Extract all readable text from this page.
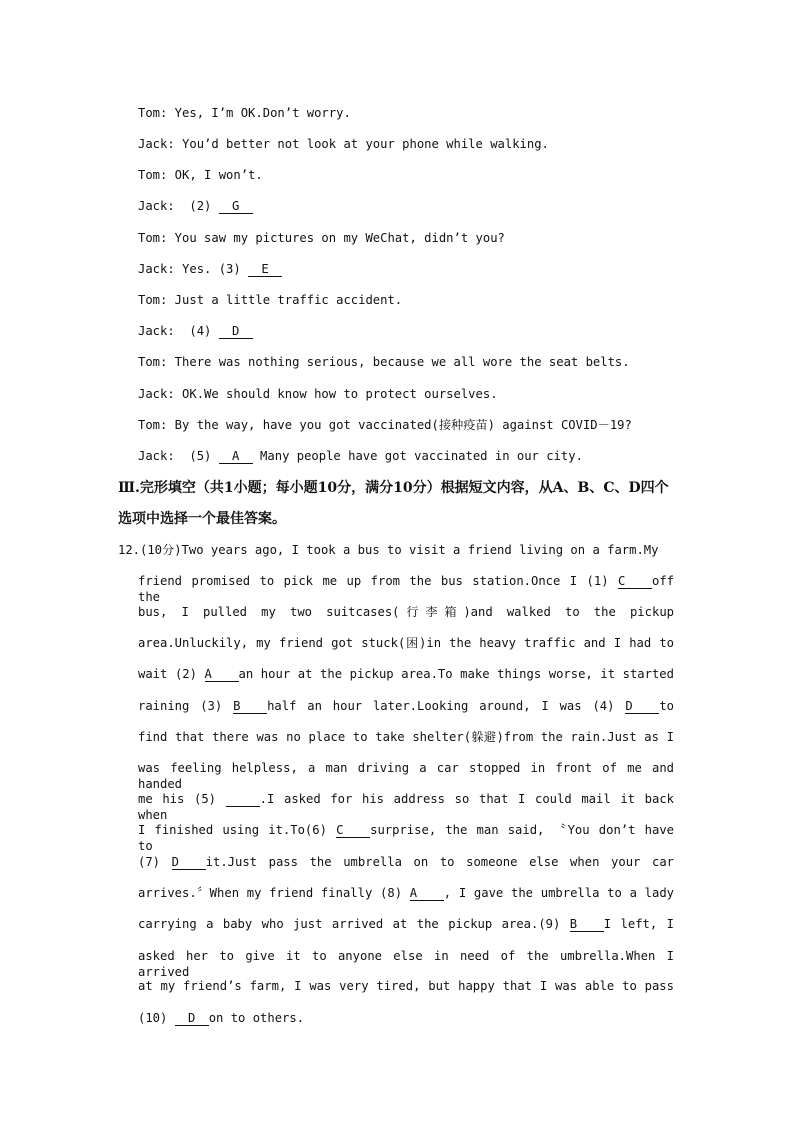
Tom: Yes, I’m OK.Don’t worry.
Jack: You’d better not look at your phone while walking.
Tom: OK, I won’t.
Jack:  (2) G
Tom: You saw my pictures on my WeChat, didn’t you?
Jack: Yes. (3) E
Tom: Just a little traffic accident.
Jack:  (4) D
Tom: There was nothing serious, because we all wore the seat belts.
Jack: OK.We should know how to protect ourselves.
Tom: By the way, have you got vaccinated(接种疫苗) against COVID－19?
Jack:  (5) A Many people have got vaccinated in our city.
Ⅲ.完形填空（共1小题；每小题10分，满分10分）根据短文内容，从A、B、C、D四个
选项中选择一个最佳答案。
12.(10分)Two years ago, I took a bus to visit a friend living on a farm.My
friend promised to pick me up from the bus station.Once I (1) C off the
bus, I pulled my two suitcases(行李箱)and walked to the pickup
area.Unluckily, my friend got stuck(困)in the heavy traffic and I had to
wait (2) A an hour at the pickup area.To make things worse, it started
raining (3) B half an hour later.Looking around, I was (4) D to
find that there was no place to take shelter(躲避)from the rain.Just as I
was feeling helpless, a man driving a car stopped in front of me and handed
me his (5)	.I asked for his address so that I could mail it back when
I finished using it.To(6) C surprise, the man said, 〝You don’t have to
(7) D it.Just pass the umbrella on to someone else when your car
arrives.〞When my friend finally (8) A , I gave the umbrella to a lady
carrying a baby who just arrived at the pickup area.(9) B I left, I
asked her to give it to anyone else in need of the umbrella.When I arrived
at my friend’s farm, I was very tired, but happy that I was able to pass
(10) D on to others.
